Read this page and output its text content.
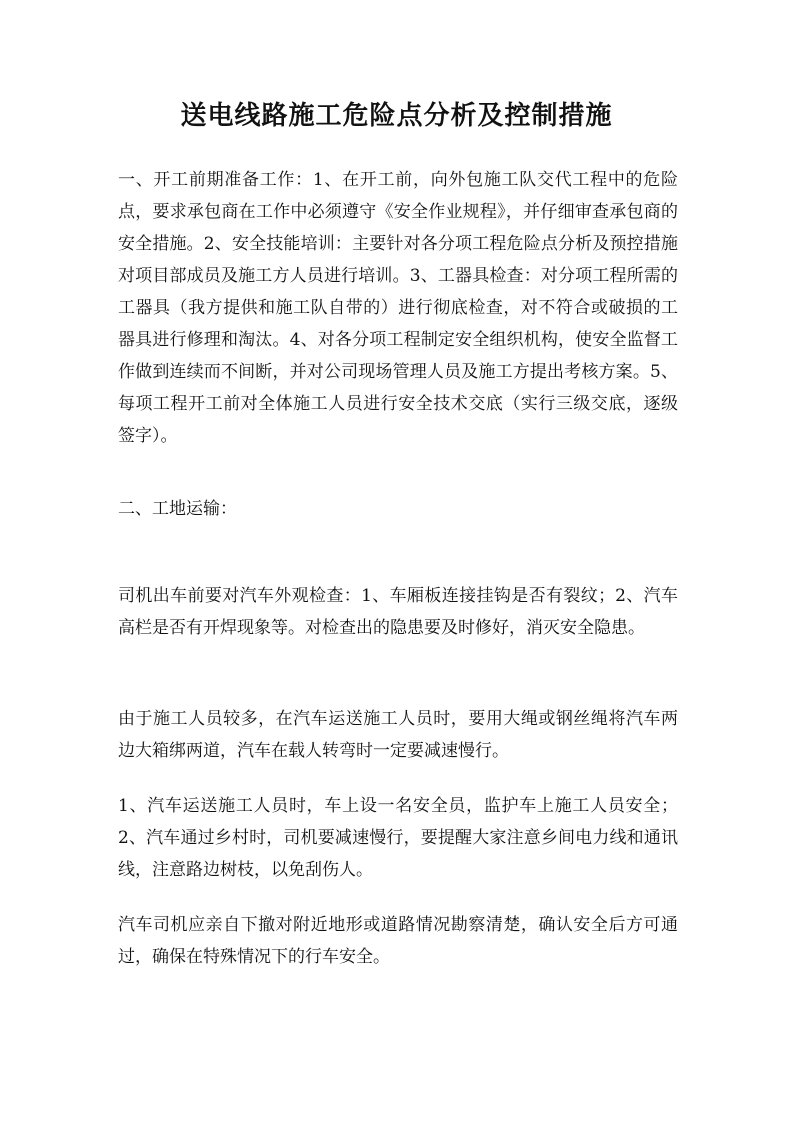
送电线路施工危险点分析及控制措施

一、开工前期准备工作：1、在开工前，向外包施工队交代工程中的危险点，要求承包商在工作中必须遵守《安全作业规程》，并仔细审查承包商的安全措施。2、安全技能培训：主要针对各分项工程危险点分析及预控措施对项目部成员及施工方人员进行培训。3、工器具检查：对分项工程所需的工器具（我方提供和施工队自带的）进行彻底检查，对不符合或破损的工器具进行修理和淘汰。4、对各分项工程制定安全组织机构，使安全监督工作做到连续而不间断，并对公司现场管理人员及施工方提出考核方案。5、每项工程开工前对全体施工人员进行安全技术交底（实行三级交底，逐级签字）。

二、工地运输：

司机出车前要对汽车外观检查：1、车厢板连接挂钩是否有裂纹；2、汽车高栏是否有开焊现象等。对检查出的隐患要及时修好，消灭安全隐患。

由于施工人员较多，在汽车运送施工人员时，要用大绳或钢丝绳将汽车两边大箱绑两道，汽车在载人转弯时一定要减速慢行。

1、汽车运送施工人员时，车上设一名安全员，监护车上施工人员安全；2、汽车通过乡村时，司机要减速慢行，要提醒大家注意乡间电力线和通讯线，注意路边树枝，以免刮伤人。

汽车司机应亲自下撤对附近地形或道路情况勘察清楚，确认安全后方可通过，确保在特殊情况下的行车安全。
